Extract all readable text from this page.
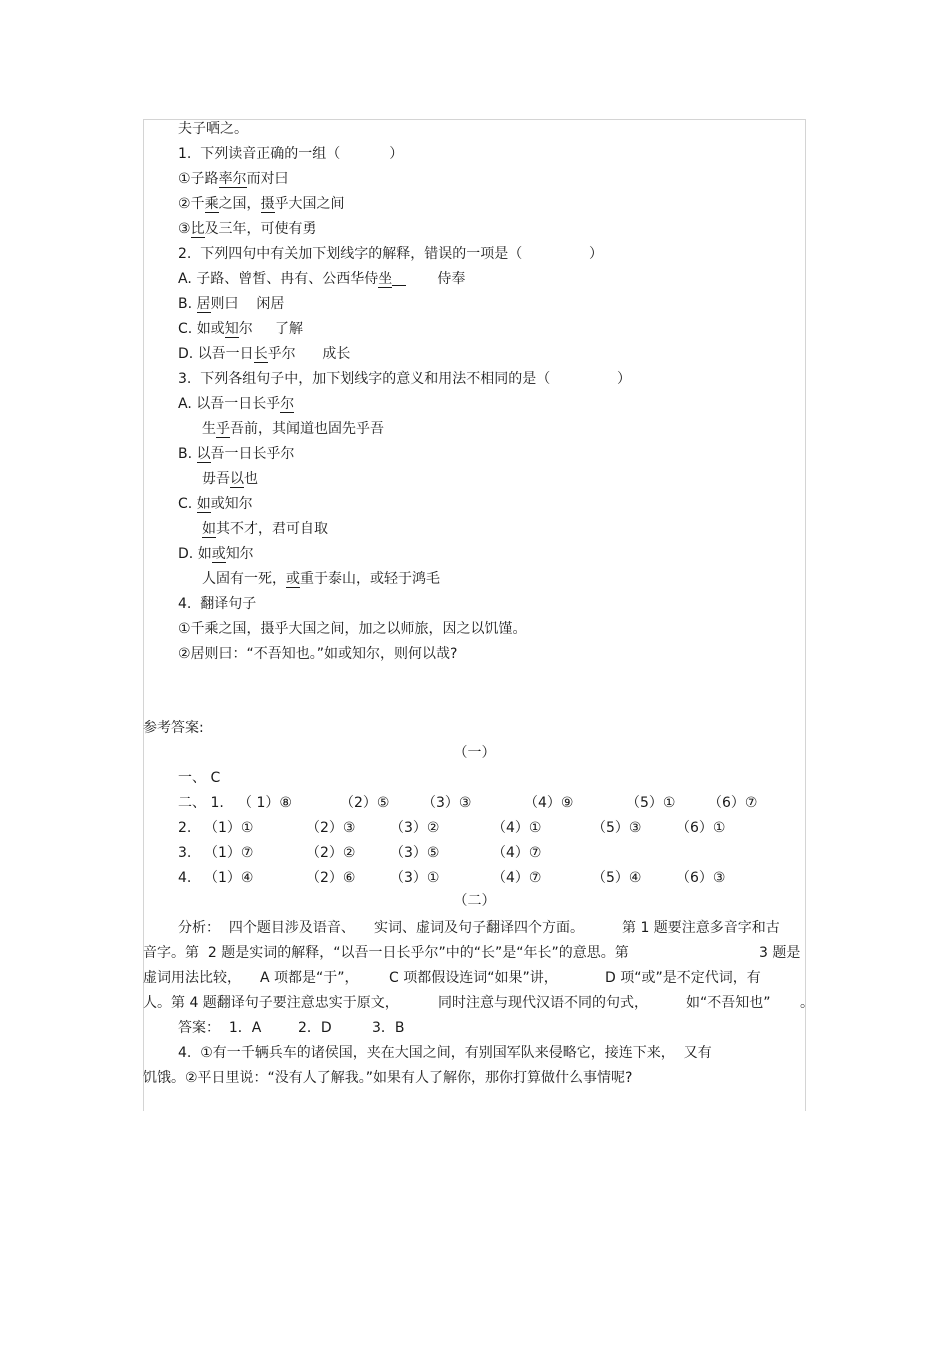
夫子哂之。
1.  下列读音正确的一组（           ）
①子路率尔而对曰
②千乘之国，摄乎大国之间
③比及三年，可使有勇
2.  下列四句中有关加下划线字的解释，错误的一项是（               ）
A. 子路、曾皙、冉有、公西华侍坐	侍奉
B. 居则曰 闲居
C. 如或知尔 了解
D. 以吾一日长乎尔 成长
3.  下列各组句子中，加下划线字的意义和用法不相同的是（               ）
A. 以吾一日长乎尔
生乎吾前，其闻道也固先乎吾
B. 以吾一日长乎尔
毋吾以也
C. 如或知尔
如其不才，君可自取
D. 如或知尔
人固有一死，或重于泰山，或轻于鸿毛
4.  翻译句子
①千乘之国，摄乎大国之间，加之以师旅，因之以饥馑。
②居则曰：“不吾知也。”如或知尔，则何以哉?
参考答案:
（一）
一、 C
二、 1. （ 1）⑧	（2）⑤ （3）③	（4）⑨	（5）① （6）⑦
2. （1）①	（2）③ （3）②	（4）①	（5）③ （6）①
3. （1）⑦	（2）② （3）⑤	（4）⑦
4. （1）④	（2）⑥ （3）①	（4）⑦	（5）④ （6）③
（二）
分析：  四个题目涉及语音、 实词、虚词及句子翻译四个方面。	第 1 题要注意多音字和古
音字。第  2 题是实词的解释，“以吾一日长乎尔”中的“长”是“年长”的意思。第	3 题是
虚词用法比较， A 项都是“于”， C 项都假设连词“如果”讲，	D 项“或”是不定代词，有
人。第 4 题翻译句子要注意忠实于原文，	同时注意与现代汉语不同的句式，	如“不吾知也” 。
答案：  1．A	2．D	3．B
4.  ①有一千辆兵车的诸侯国，夹在大国之间，有别国军队来侵略它，接连下来，  又有
饥饿。②平日里说：“没有人了解我。”如果有人了解你，那你打算做什么事情呢?
